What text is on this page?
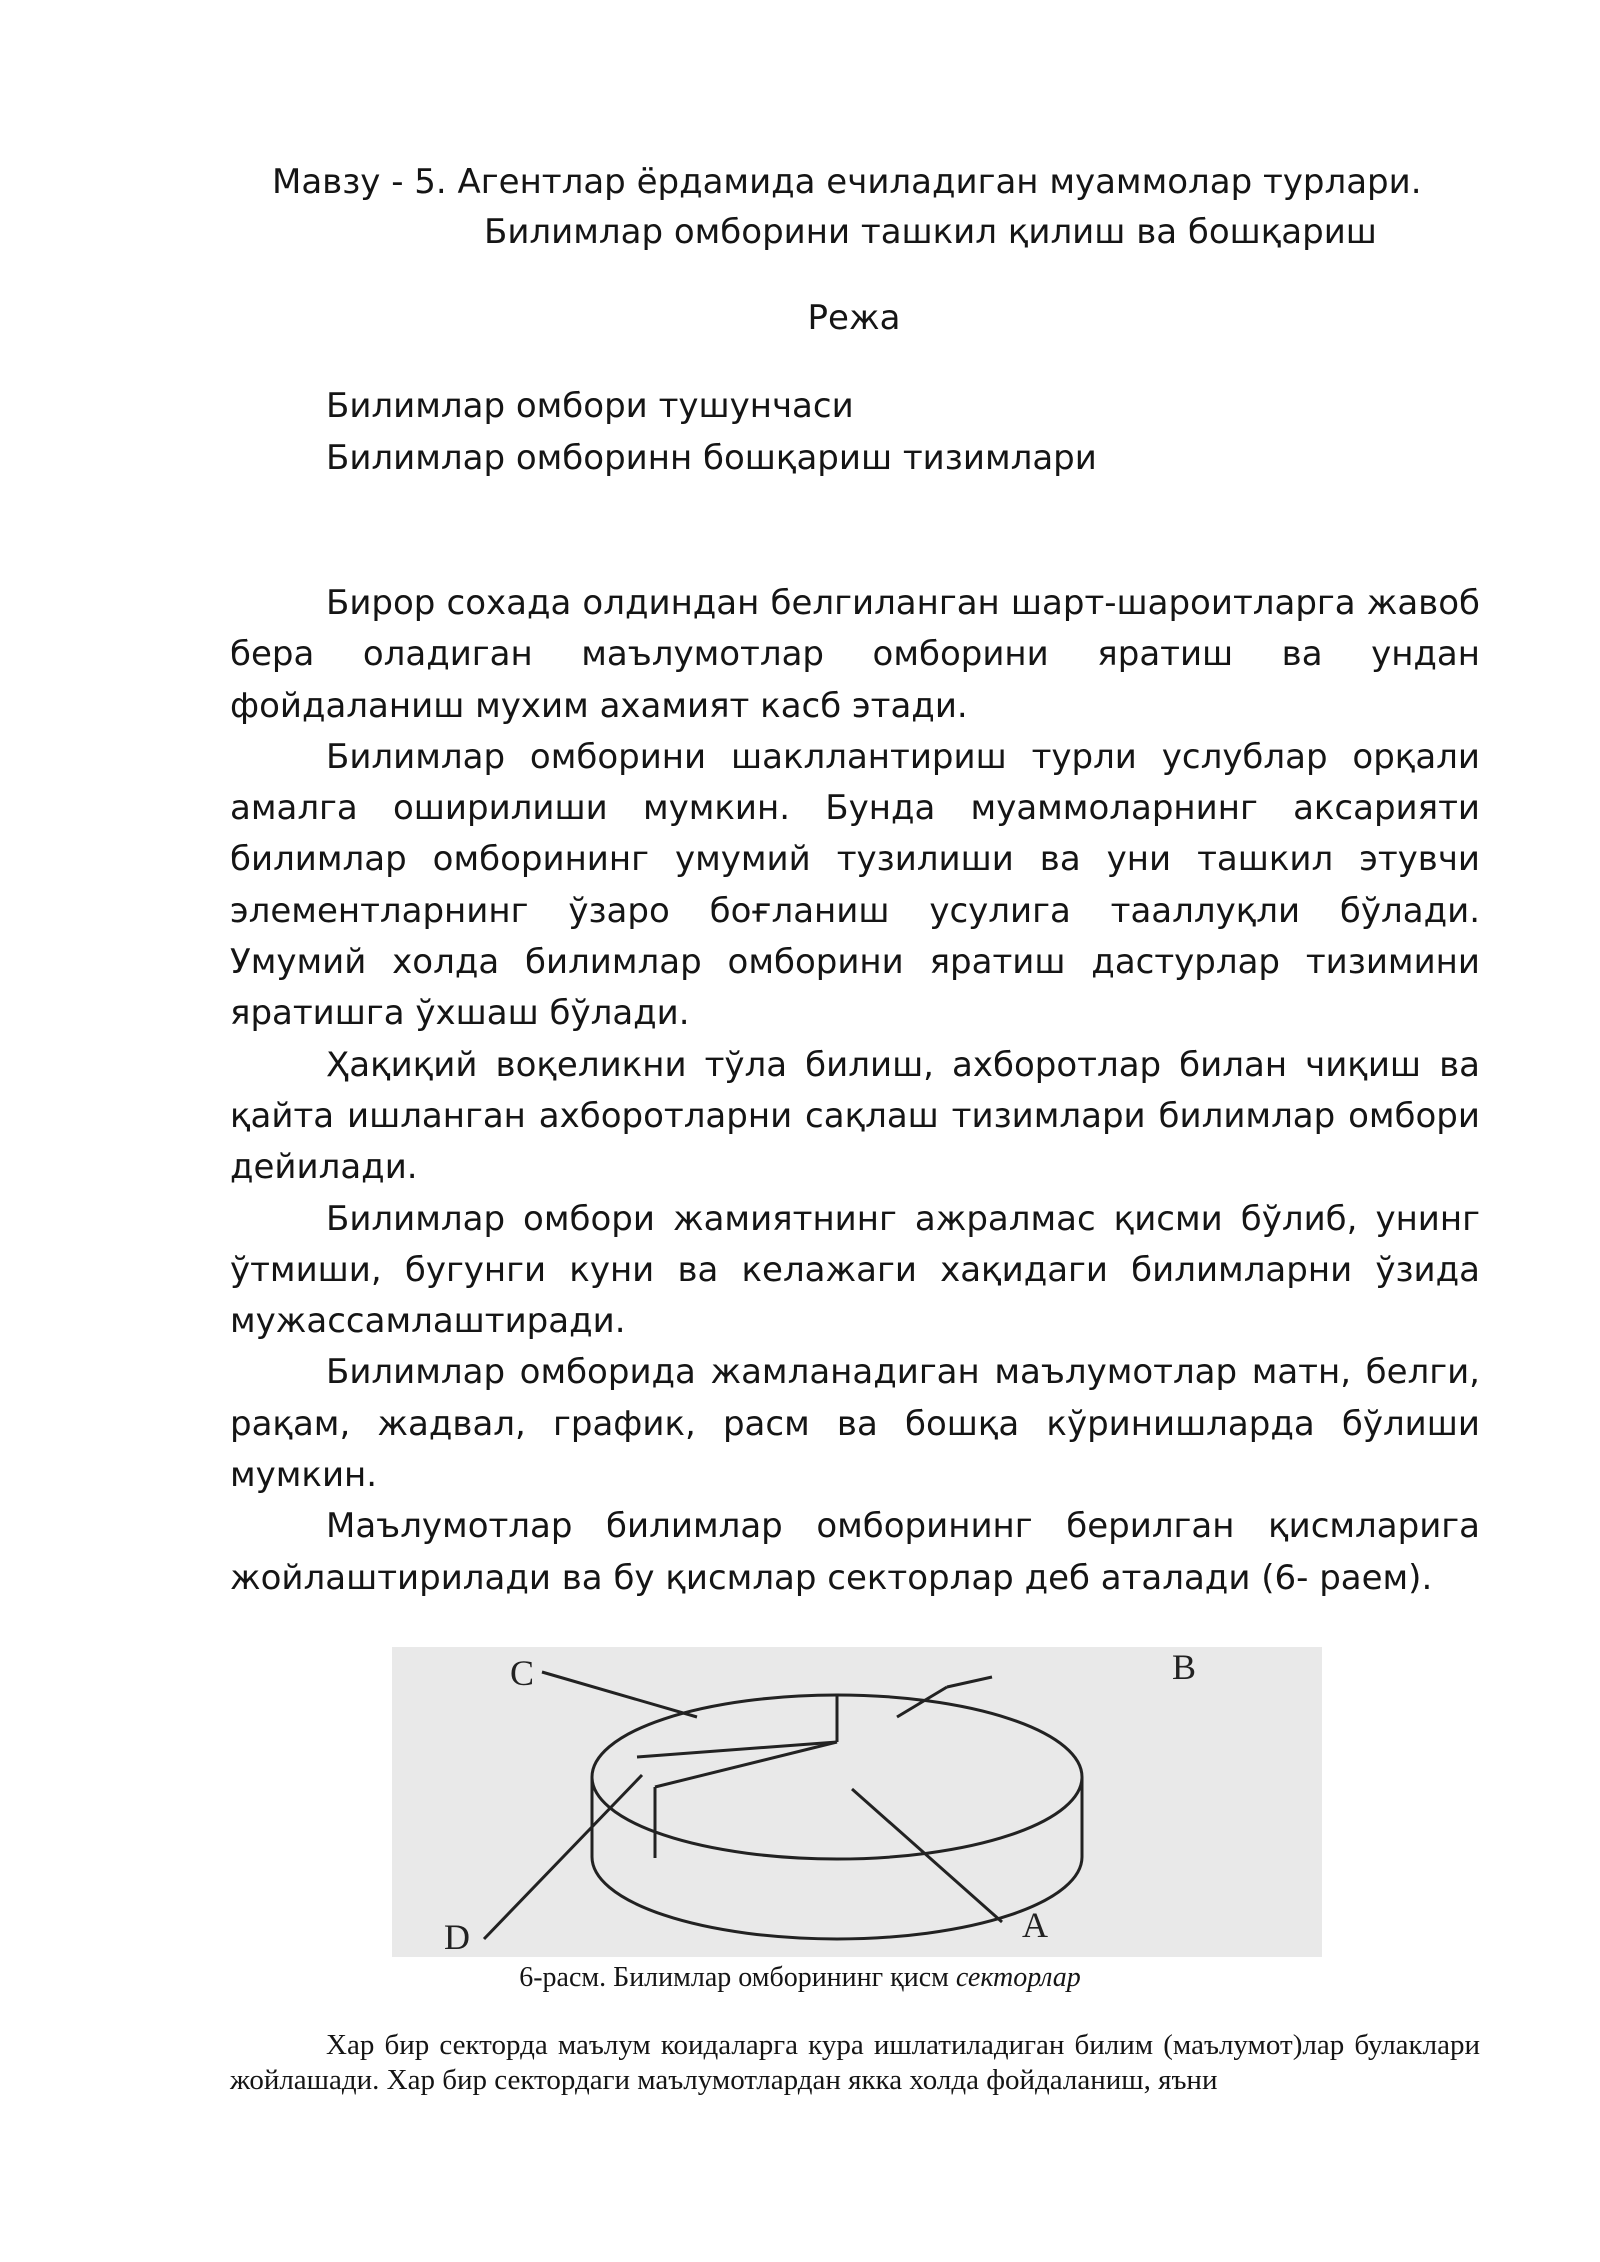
Мавзу - 5. Агентлар ёрдамида ечиладиган муаммолар турлари.
Билимлар омборини ташкил қилиш ва бошқариш
Режа
Билимлар омбори тушунчаси
Билимлар омборинн бошқариш тизимлари

Бирор сохада олдиндан белгиланган шарт-шароитларга жавоб бера оладиган маълумотлар омборини яратиш ва ундан фойдаланиш мухим ахамият касб этади.

Билимлар омборини шакллантириш турли услублар орқали амалга оширилиши мумкин. Бунда муаммоларнинг аксарияти билимлар омборининг умумий тузилиши ва уни ташкил этувчи элементларнинг ўзаро боғланиш усулига тааллуқли бўлади. Умумий холда билимлар омборини яратиш дастурлар тизимини яратишга ўхшаш бўлади.

Ҳақиқий воқеликни тўла билиш, ахборотлар билан чиқиш ва қайта ишланган ахборотларни сақлаш тизимлари билимлар омбори дейилади.

Билимлар омбори жамиятнинг ажралмас қисми бўлиб, унинг ўтмиши, бугунги куни ва келажаги хақидаги билимларни ўзида мужассамлаштиради.

Билимлар омборида жамланадиган маълумотлар матн, белги, рақам, жадвал, график, расм ва бошқа кўринишларда бўлиши мумкин.

Маълумотлар билимлар омборининг берилган қисмларига жойлаштирилади ва бу қисмлар секторлар деб аталади (6- раем).

C	B
A
D
6-расм. Билимлар омборининг қисм секторлар

Хар бир секторда маълум коидаларга кура ишлатиладиган билим (маълумот)лар булаклари жойлашади. Хар бир сектордаги маълумотлардан якка холда фойдаланиш, яъни
